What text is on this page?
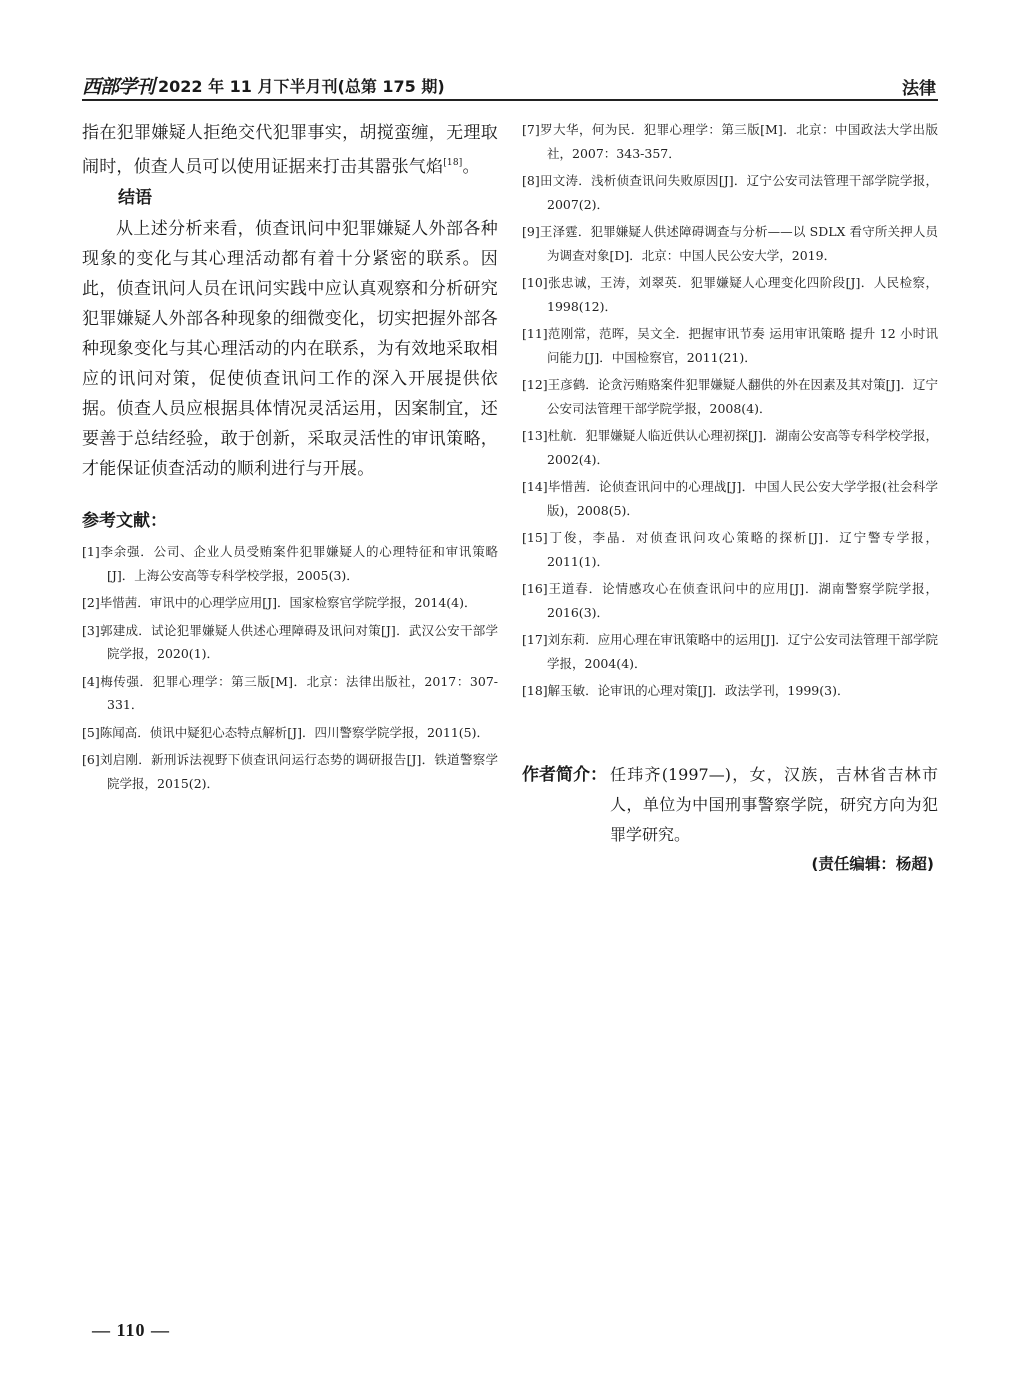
西部学刊 2022 年 11 月下半月刊(总第 175 期)	法律

指在犯罪嫌疑人拒绝交代犯罪事实，胡搅蛮缠，无理取闹时，侦查人员可以使用证据来打击其嚣张气焰[18]。

结语

从上述分析来看，侦查讯问中犯罪嫌疑人外部各种现象的变化与其心理活动都有着十分紧密的联系。因此，侦查讯问人员在讯问实践中应认真观察和分析研究犯罪嫌疑人外部各种现象的细微变化，切实把握外部各种现象变化与其心理活动的内在联系，为有效地采取相应的讯问对策，促使侦查讯问工作的深入开展提供依据。侦查人员应根据具体情况灵活运用，因案制宜，还要善于总结经验，敢于创新，采取灵活性的审讯策略，才能保证侦查活动的顺利进行与开展。

参考文献：

[1]李余强．公司、企业人员受贿案件犯罪嫌疑人的心理特征和审讯策略[J]．上海公安高等专科学校学报，2005(3)．

[2]毕惜茜．审讯中的心理学应用[J]．国家检察官学院学报，2014(4)．

[3]郭建成．试论犯罪嫌疑人供述心理障碍及讯问对策[J]．武汉公安干部学院学报，2020(1)．

[4]梅传强．犯罪心理学：第三版[M]．北京：法律出版社，2017：307-331．

[5]陈闻高．侦讯中疑犯心态特点解析[J]．四川警察学院学报，2011(5)．

[6]刘启刚．新刑诉法视野下侦查讯问运行态势的调研报告[J]．铁道警察学院学报，2015(2)．

[7]罗大华，何为民．犯罪心理学：第三版[M]．北京：中国政法大学出版社，2007：343-357．

[8]田文涛．浅析侦查讯问失败原因[J]．辽宁公安司法管理干部学院学报，2007(2)．

[9]王泽霆．犯罪嫌疑人供述障碍调查与分析——以 SDLX 看守所关押人员为调查对象[D]．北京：中国人民公安大学，2019．

[10]张忠诚，王涛，刘翠英．犯罪嫌疑人心理变化四阶段[J]．人民检察，1998(12)．

[11]范刚常，范晖，吴文全．把握审讯节奏 运用审讯策略 提升 12 小时讯问能力[J]．中国检察官，2011(21)．

[12]王彦鹤．论贪污贿赂案件犯罪嫌疑人翻供的外在因素及其对策[J]．辽宁公安司法管理干部学院学报，2008(4)．

[13]杜航．犯罪嫌疑人临近供认心理初探[J]．湖南公安高等专科学校学报，2002(4)．

[14]毕惜茜．论侦查讯问中的心理战[J]．中国人民公安大学学报(社会科学版)，2008(5)．

[15]丁俊，李晶．对侦查讯问攻心策略的探析[J]．辽宁警专学报，2011(1)．

[16]王道春．论情感攻心在侦查讯问中的应用[J]．湖南警察学院学报，2016(3)．

[17]刘东莉．应用心理在审讯策略中的运用[J]．辽宁公安司法管理干部学院学报，2004(4)．

[18]解玉敏．论审讯的心理对策[J]．政法学刊，1999(3)．

作者简介： 任玮齐(1997—)，女，汉族，吉林省吉林市人，单位为中国刑事警察学院，研究方向为犯罪学研究。
(责任编辑：杨超)
— 110 —
